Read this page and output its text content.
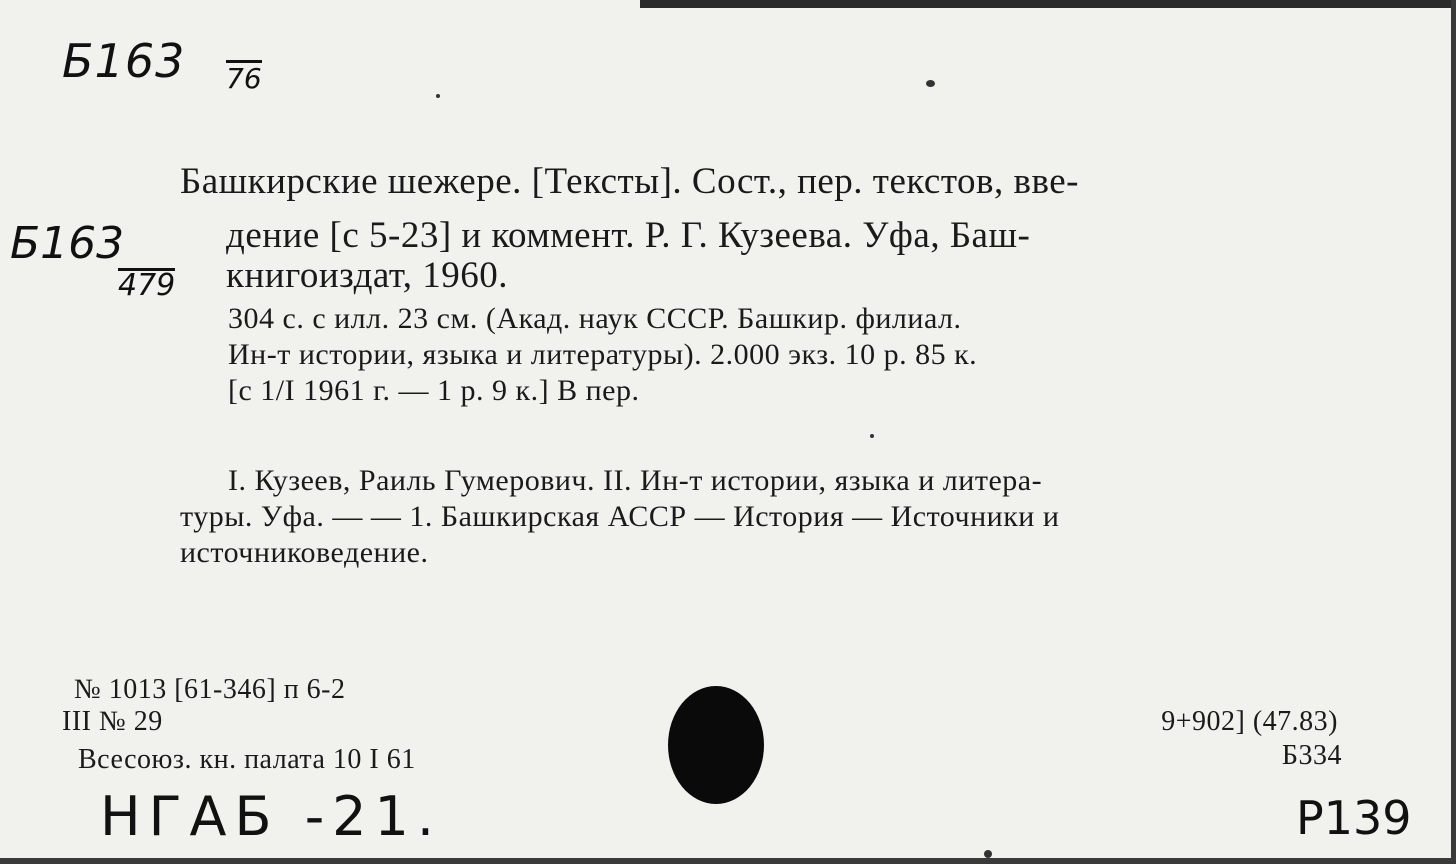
Б163 76
Б163
479
Башкирские шежере. [Тексты]. Сост., пер. текстов, вве-
дение [с 5-23] и коммент. Р. Г. Кузеева. Уфа, Баш-
книгоиздат, 1960.
304 с. с илл. 23 см. (Акад. наук СССР. Башкир. филиал.
Ин-т истории, языка и литературы). 2.000 экз. 10 р. 85 к.
[с 1/I 1961 г. — 1 р. 9 к.] В пер.
I. Кузеев, Раиль Гумерович. II. Ин-т истории, языка и литера-
туры. Уфа. — — 1. Башкирская АССР — История — Источники и
источниковедение.
№ 1013 [61-346] п 6-2
III № 29
Всесоюз. кн. палата 10 I 61
9+902] (47.83)
Б334
НГАБ -21.	Р139
